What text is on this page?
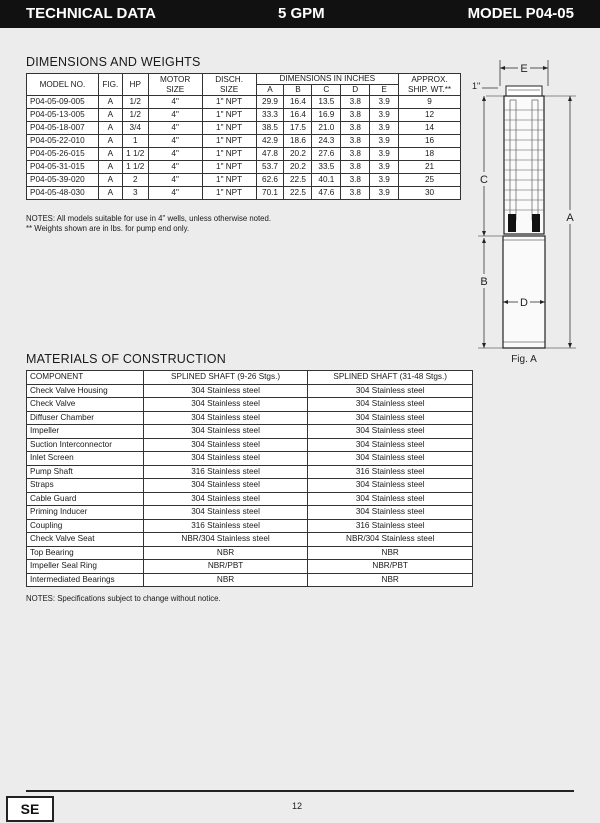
TECHNICAL DATA	5 GPM	MODEL P04-05
DIMENSIONS AND WEIGHTS
MODEL NO.	FIG.	HP	MOTOR SIZE	DISCH. SIZE	DIMENSIONS IN INCHES					APPROX. SHIP. WT.**
					A	B	C	D	E	
P04-05-09-005	A	1/2	4"	1" NPT	29.9	16.4	13.5	3.8	3.9	9
P04-05-13-005	A	1/2	4"	1" NPT	33.3	16.4	16.9	3.8	3.9	12
P04-05-18-007	A	3/4	4"	1" NPT	38.5	17.5	21.0	3.8	3.9	14
P04-05-22-010	A	1	4"	1" NPT	42.9	18.6	24.3	3.8	3.9	16
P04-05-26-015	A	1 1/2	4"	1" NPT	47.8	20.2	27.6	3.8	3.9	18
P04-05-31-015	A	1 1/2	4"	1" NPT	53.7	20.2	33.5	3.8	3.9	21
P04-05-39-020	A	2	4"	1" NPT	62.6	22.5	40.1	3.8	3.9	25
P04-05-48-030	A	3	4"	1" NPT	70.1	22.5	47.6	3.8	3.9	30
NOTES: All models suitable for use in 4" wells, unless otherwise noted.
** Weights shown are in lbs. for pump end only.
E
1"
D
C
B
A
Fig. A
MATERIALS OF CONSTRUCTION
COMPONENT	SPLINED SHAFT (9-26 Stgs.)	SPLINED SHAFT (31-48 Stgs.)
Check Valve Housing	304 Stainless steel	304 Stainless steel
Check Valve	304 Stainless steel	304 Stainless steel
Diffuser Chamber	304 Stainless steel	304 Stainless steel
Impeller	304 Stainless steel	304 Stainless steel
Suction Interconnector	304 Stainless steel	304 Stainless steel
Inlet Screen	304 Stainless steel	304 Stainless steel
Pump Shaft	316 Stainless steel	316 Stainless steel
Straps	304 Stainless steel	304 Stainless steel
Cable Guard	304 Stainless steel	304 Stainless steel
Priming Inducer	304 Stainless steel	304 Stainless steel
Coupling	316 Stainless steel	316 Stainless steel
Check Valve Seat	NBR/304 Stainless steel	NBR/304 Stainless steel
Top Bearing	NBR	NBR
Impeller Seal Ring	NBR/PBT	NBR/PBT
Intermediated Bearings	NBR	NBR
NOTES: Specifications subject to change without notice.
SE	12
